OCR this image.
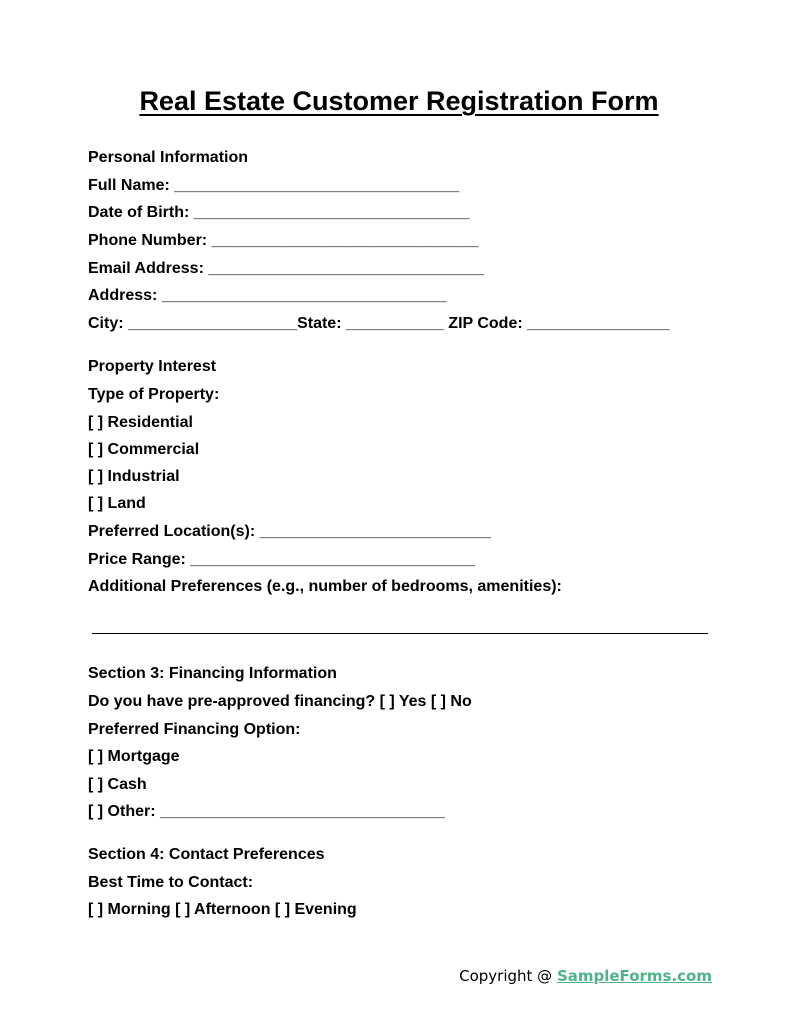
Real Estate Customer Registration Form

Personal Information

Full Name: ________________________________

Date of Birth: _______________________________

Phone Number: ______________________________

Email Address: _______________________________

Address: ________________________________

City: ___________________State: ___________ ZIP Code: ________________

Property Interest

Type of Property:

[ ] Residential

[ ] Commercial

[ ] Industrial

[ ] Land

Preferred Location(s): __________________________

Price Range: ________________________________

Additional Preferences (e.g., number of bedrooms, amenities):

Section 3: Financing Information

Do you have pre-approved financing? [ ] Yes [ ] No

Preferred Financing Option:

[ ] Mortgage

[ ] Cash

[ ] Other: ________________________________

Section 4: Contact Preferences

Best Time to Contact:

[ ] Morning [ ] Afternoon [ ] Evening

Copyright @ SampleForms.com
